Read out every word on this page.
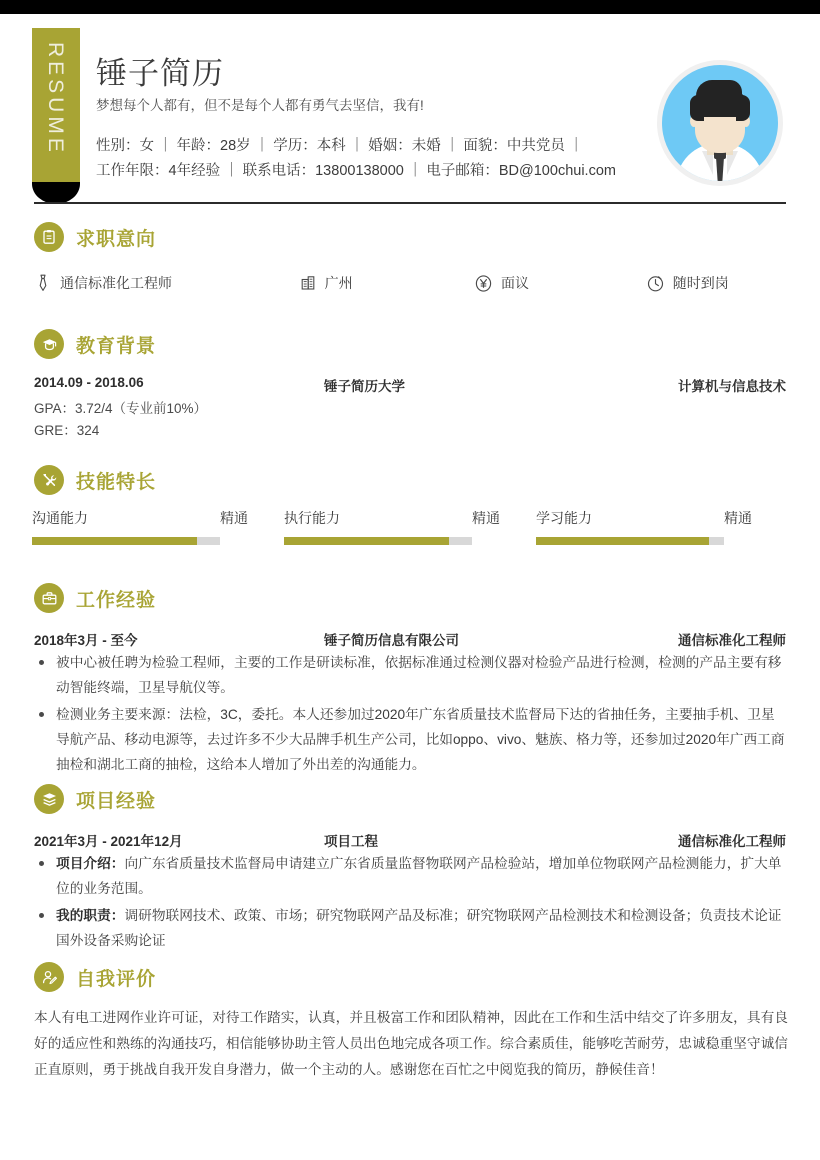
RESUME 锤子简历
梦想每个人都有，但不是每个人都有勇气去坚信，我有!
性别：女 ｜ 年龄：28岁 ｜ 学历：本科 ｜ 婚姻：未婚 ｜ 面貌：中共党员 ｜
工作年限：4年经验 ｜ 联系电话：13800138000 ｜ 电子邮箱：BD@100chui.com
求职意向
通信标准化工程师	广州	面议	随时到岗
教育背景
2014.09 - 2018.06	锤子简历大学	计算机与信息技术
GPA：3.72/4（专业前10%）
GRE：324
技能特长
沟通能力	精通	执行能力	精通	学习能力	精通
工作经验
2018年3月 - 至今	锤子简历信息有限公司	通信标准化工程师
被中心被任聘为检验工程师，主要的工作是研读标准，依据标准通过检测仪器对检验产品进行检测，检测的产品主要有移动智能终端，卫星导航仪等。
检测业务主要来源：法检，3C，委托。本人还参加过2020年广东省质量技术监督局下达的省抽任务，主要抽手机、卫星导航产品、移动电源等，去过许多不少大品牌手机生产公司，比如oppo、vivo、魅族、格力等，还参加过2020年广西工商抽检和湖北工商的抽检，这给本人增加了外出差的沟通能力。
项目经验
2021年3月 - 2021年12月	项目工程	通信标准化工程师
项目介绍：向广东省质量技术监督局申请建立广东省质量监督物联网产品检验站，增加单位物联网产品检测能力，扩大单位的业务范围。
我的职责：调研物联网技术、政策、市场；研究物联网产品及标准；研究物联网产品检测技术和检测设备；负责技术论证国外设备采购论证
自我评价
本人有电工进网作业许可证，对待工作踏实，认真，并且极富工作和团队精神，因此在工作和生活中结交了许多朋友，具有良好的适应性和熟练的沟通技巧，相信能够协助主管人员出色地完成各项工作。综合素质佳，能够吃苦耐劳，忠诚稳重坚守诚信正直原则，勇于挑战自我开发自身潜力，做一个主动的人。感谢您在百忙之中阅览我的简历，静候佳音！
